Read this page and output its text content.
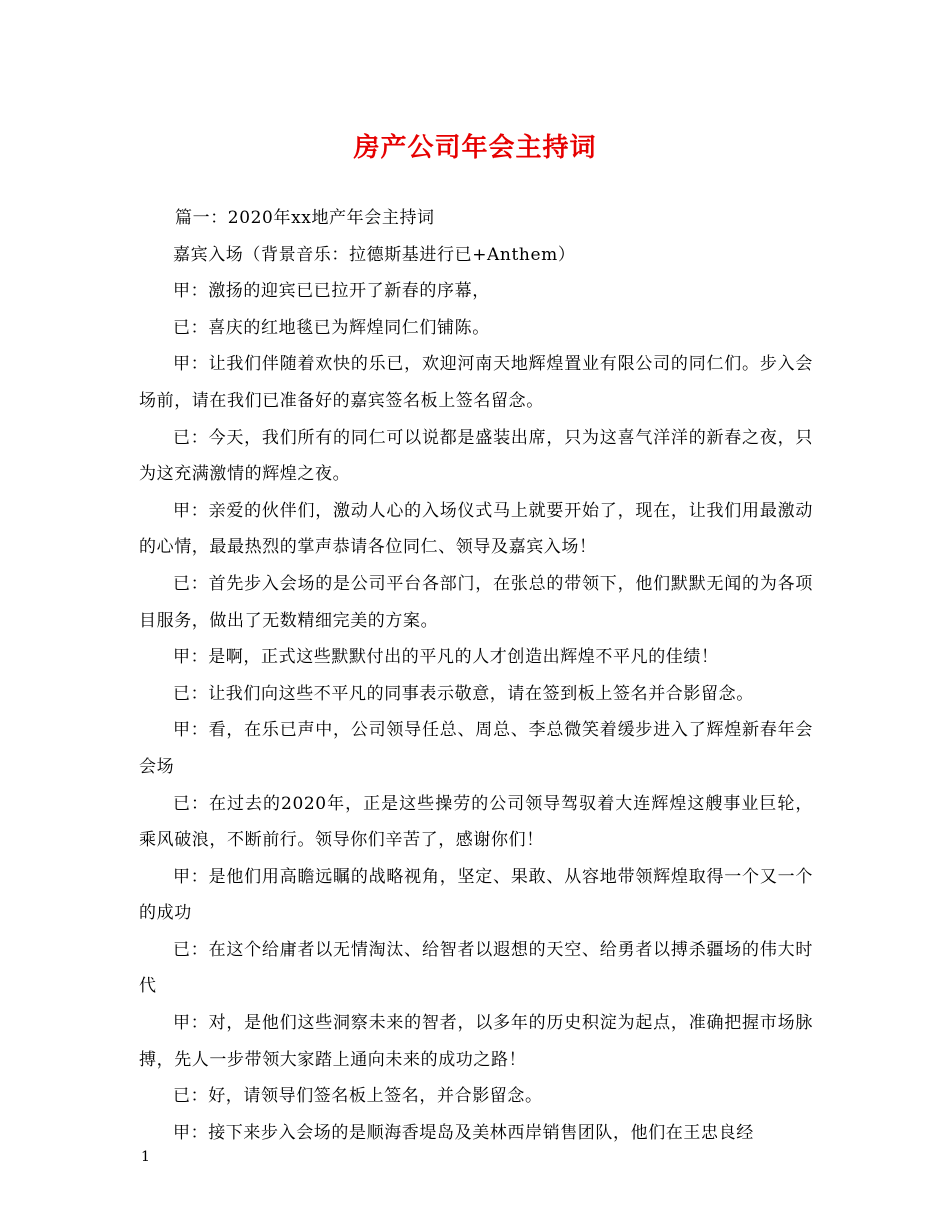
房产公司年会主持词

篇一：2020年xx地产年会主持词

嘉宾入场（背景音乐：拉德斯基进行已+Anthem）

甲：激扬的迎宾已已拉开了新春的序幕，

已：喜庆的红地毯已为辉煌同仁们铺陈。

甲：让我们伴随着欢快的乐已，欢迎河南天地辉煌置业有限公司的同仁们。步入会场前，请在我们已准备好的嘉宾签名板上签名留念。

已：今天，我们所有的同仁可以说都是盛装出席，只为这喜气洋洋的新春之夜，只为这充满激情的辉煌之夜。

甲：亲爱的伙伴们，激动人心的入场仪式马上就要开始了，现在，让我们用最激动的心情，最最热烈的掌声恭请各位同仁、领导及嘉宾入场！

已：首先步入会场的是公司平台各部门，在张总的带领下，他们默默无闻的为各项目服务，做出了无数精细完美的方案。

甲：是啊，正式这些默默付出的平凡的人才创造出辉煌不平凡的佳绩！

已：让我们向这些不平凡的同事表示敬意，请在签到板上签名并合影留念。

甲：看，在乐已声中，公司领导任总、周总、李总微笑着缓步进入了辉煌新春年会会场

已：在过去的2020年，正是这些操劳的公司领导驾驭着大连辉煌这艘事业巨轮，乘风破浪，不断前行。领导你们辛苦了，感谢你们！

甲：是他们用高瞻远瞩的战略视角，坚定、果敢、从容地带领辉煌取得一个又一个的成功

已：在这个给庸者以无情淘汰、给智者以遐想的天空、给勇者以搏杀疆场的伟大时代

甲：对，是他们这些洞察未来的智者，以多年的历史积淀为起点，准确把握市场脉搏，先人一步带领大家踏上通向未来的成功之路！

已：好，请领导们签名板上签名，并合影留念。

甲：接下来步入会场的是顺海香堤岛及美林西岸销售团队，他们在王忠良经

1
